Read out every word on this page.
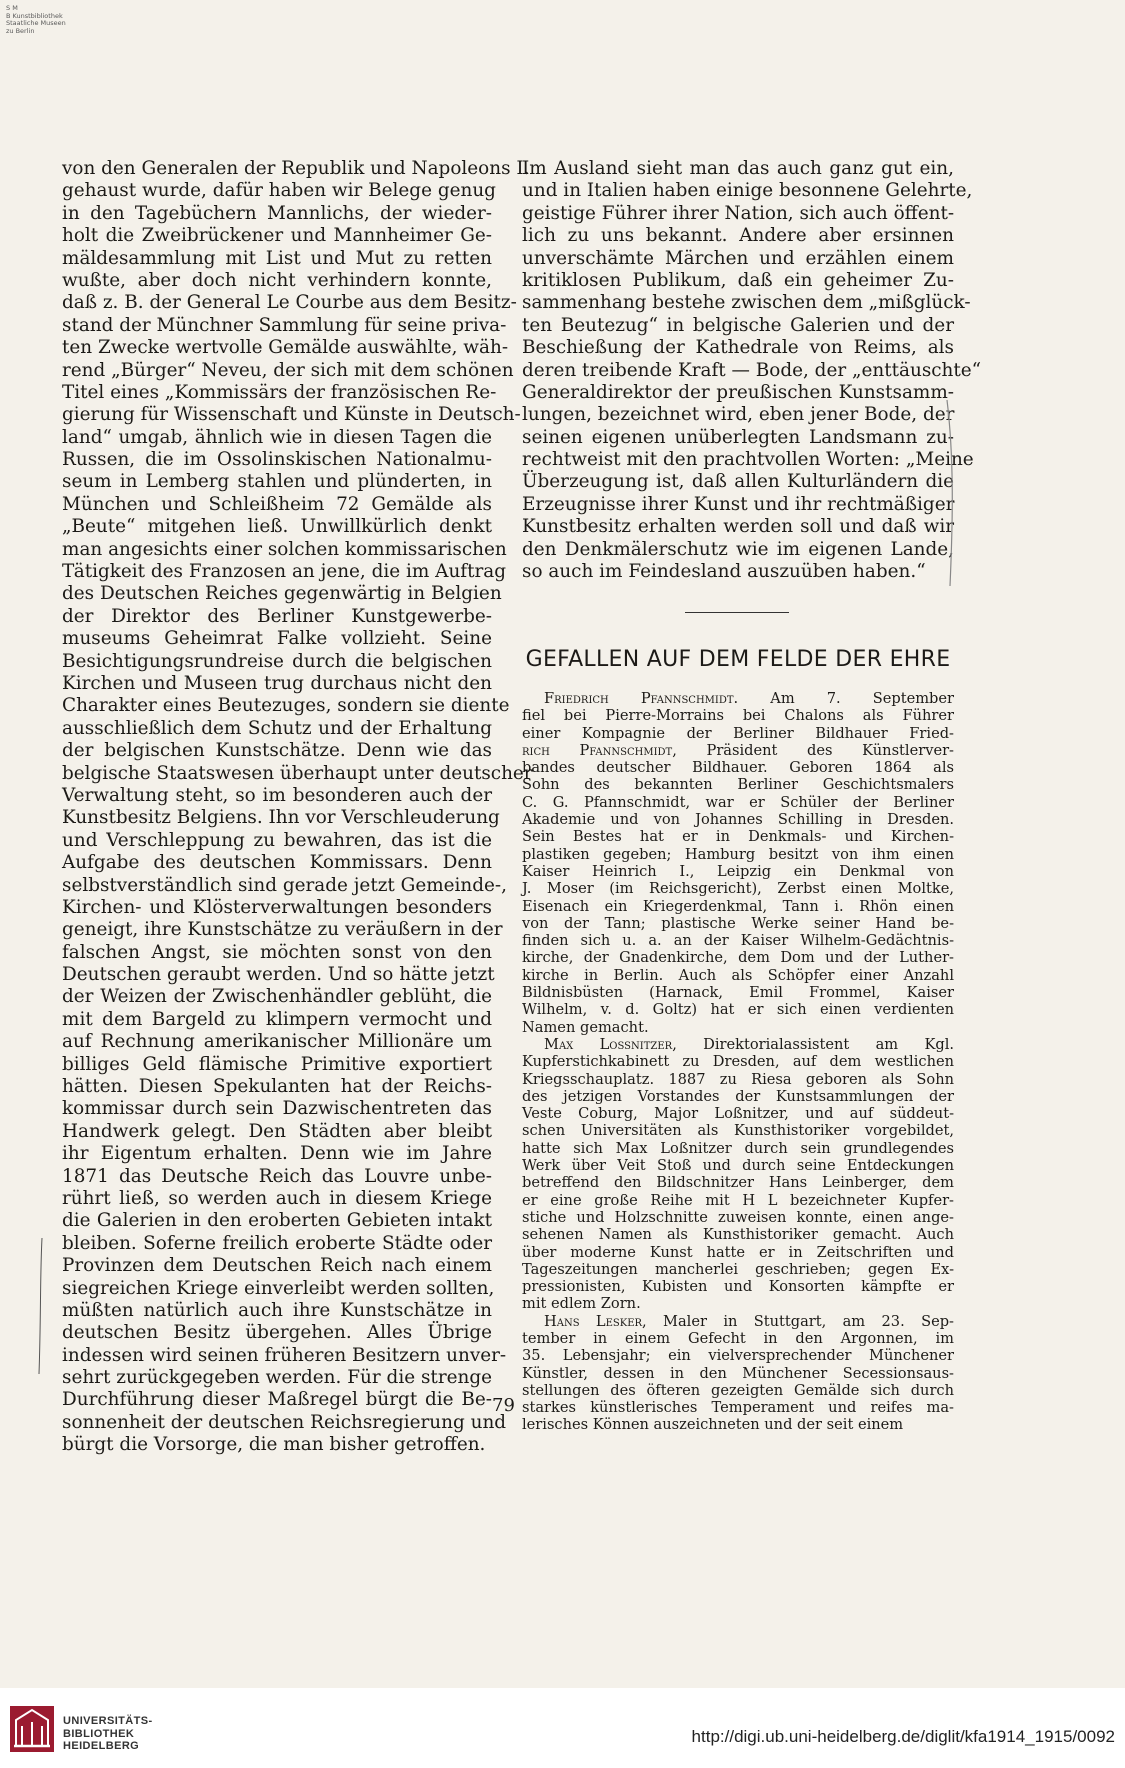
S M
B Kunstbibliothek
Staatliche Museen
zu Berlin
von den Generalen der Republik und Napoleons I.
gehaust wurde, dafür haben wir Belege genug
in den Tagebüchern Mannlichs, der wieder-
holt die Zweibrückener und Mannheimer Ge-
mäldesammlung mit List und Mut zu retten
wußte, aber doch nicht verhindern konnte,
daß z. B. der General Le Courbe aus dem Besitz-
stand der Münchner Sammlung für seine priva-
ten Zwecke wertvolle Gemälde auswählte, wäh-
rend „Bürger“ Neveu, der sich mit dem schönen
Titel eines „Kommissärs der französischen Re-
gierung für Wissenschaft und Künste in Deutsch-
land“ umgab, ähnlich wie in diesen Tagen die
Russen, die im Ossolinskischen Nationalmu-
seum in Lemberg stahlen und plünderten, in
München und Schleißheim 72 Gemälde als
„Beute“ mitgehen ließ. Unwillkürlich denkt
man angesichts einer solchen kommissarischen
Tätigkeit des Franzosen an jene, die im Auftrag
des Deutschen Reiches gegenwärtig in Belgien
der Direktor des Berliner Kunstgewerbe-
museums Geheimrat Falke vollzieht. Seine
Besichtigungsrundreise durch die belgischen
Kirchen und Museen trug durchaus nicht den
Charakter eines Beutezuges, sondern sie diente
ausschließlich dem Schutz und der Erhaltung
der belgischen Kunstschätze. Denn wie das
belgische Staatswesen überhaupt unter deutscher
Verwaltung steht, so im besonderen auch der
Kunstbesitz Belgiens. Ihn vor Verschleuderung
und Verschleppung zu bewahren, das ist die
Aufgabe des deutschen Kommissars. Denn
selbstverständlich sind gerade jetzt Gemeinde-,
Kirchen- und Klösterverwaltungen besonders
geneigt, ihre Kunstschätze zu veräußern in der
falschen Angst, sie möchten sonst von den
Deutschen geraubt werden. Und so hätte jetzt
der Weizen der Zwischenhändler geblüht, die
mit dem Bargeld zu klimpern vermocht und
auf Rechnung amerikanischer Millionäre um
billiges Geld flämische Primitive exportiert
hätten. Diesen Spekulanten hat der Reichs-
kommissar durch sein Dazwischentreten das
Handwerk gelegt. Den Städten aber bleibt
ihr Eigentum erhalten. Denn wie im Jahre
1871 das Deutsche Reich das Louvre unbe-
rührt ließ, so werden auch in diesem Kriege
die Galerien in den eroberten Gebieten intakt
bleiben. Soferne freilich eroberte Städte oder
Provinzen dem Deutschen Reich nach einem
siegreichen Kriege einverleibt werden sollten,
müßten natürlich auch ihre Kunstschätze in
deutschen Besitz übergehen. Alles Übrige
indessen wird seinen früheren Besitzern unver-
sehrt zurückgegeben werden. Für die strenge
Durchführung dieser Maßregel bürgt die Be-
sonnenheit der deutschen Reichsregierung und
bürgt die Vorsorge, die man bisher getroffen.
Im Ausland sieht man das auch ganz gut ein,
und in Italien haben einige besonnene Gelehrte,
geistige Führer ihrer Nation, sich auch öffent-
lich zu uns bekannt. Andere aber ersinnen
unverschämte Märchen und erzählen einem
kritiklosen Publikum, daß ein geheimer Zu-
sammenhang bestehe zwischen dem „mißglück-
ten Beutezug“ in belgische Galerien und der
Beschießung der Kathedrale von Reims, als
deren treibende Kraft — Bode, der „enttäuschte“
Generaldirektor der preußischen Kunstsamm-
lungen, bezeichnet wird, eben jener Bode, der
seinen eigenen unüberlegten Landsmann zu-
rechtweist mit den prachtvollen Worten: „Meine
Überzeugung ist, daß allen Kulturländern die
Erzeugnisse ihrer Kunst und ihr rechtmäßiger
Kunstbesitz erhalten werden soll und daß wir
den Denkmälerschutz wie im eigenen Lande,
so auch im Feindesland auszuüben haben.“
GEFALLEN AUF DEM FELDE DER EHRE
Friedrich Pfannschmidt. Am 7. September
fiel bei Pierre-Morrains bei Chalons als Führer
einer Kompagnie der Berliner Bildhauer Fried-
rich Pfannschmidt, Präsident des Künstlerver-
bandes deutscher Bildhauer. Geboren 1864 als
Sohn des bekannten Berliner Geschichtsmalers
C. G. Pfannschmidt, war er Schüler der Berliner
Akademie und von Johannes Schilling in Dresden.
Sein Bestes hat er in Denkmals- und Kirchen-
plastiken gegeben; Hamburg besitzt von ihm einen
Kaiser Heinrich I., Leipzig ein Denkmal von
J. Moser (im Reichsgericht), Zerbst einen Moltke,
Eisenach ein Kriegerdenkmal, Tann i. Rhön einen
von der Tann; plastische Werke seiner Hand be-
finden sich u. a. an der Kaiser Wilhelm-Gedächtnis-
kirche, der Gnadenkirche, dem Dom und der Luther-
kirche in Berlin. Auch als Schöpfer einer Anzahl
Bildnisbüsten (Harnack, Emil Frommel, Kaiser
Wilhelm, v. d. Goltz) hat er sich einen verdienten
Namen gemacht.
Max Lossnitzer, Direktorialassistent am Kgl.
Kupferstichkabinett zu Dresden, auf dem westlichen
Kriegsschauplatz. 1887 zu Riesa geboren als Sohn
des jetzigen Vorstandes der Kunstsammlungen der
Veste Coburg, Major Loßnitzer, und auf süddeut-
schen Universitäten als Kunsthistoriker vorgebildet,
hatte sich Max Loßnitzer durch sein grundlegendes
Werk über Veit Stoß und durch seine Entdeckungen
betreffend den Bildschnitzer Hans Leinberger, dem
er eine große Reihe mit H L bezeichneter Kupfer-
stiche und Holzschnitte zuweisen konnte, einen ange-
sehenen Namen als Kunsthistoriker gemacht. Auch
über moderne Kunst hatte er in Zeitschriften und
Tageszeitungen mancherlei geschrieben; gegen Ex-
pressionisten, Kubisten und Konsorten kämpfte er
mit edlem Zorn.
Hans Lesker, Maler in Stuttgart, am 23. Sep-
tember in einem Gefecht in den Argonnen, im
35. Lebensjahr; ein vielversprechender Münchener
Künstler, dessen in den Münchener Secessionsaus-
stellungen des öfteren gezeigten Gemälde sich durch
starkes künstlerisches Temperament und reifes ma-
lerisches Können auszeichneten und der seit einem
79
UNIVERSITÄTS-
BIBLIOTHEK
HEIDELBERG	http://digi.ub.uni-heidelberg.de/diglit/kfa1914_1915/0092
